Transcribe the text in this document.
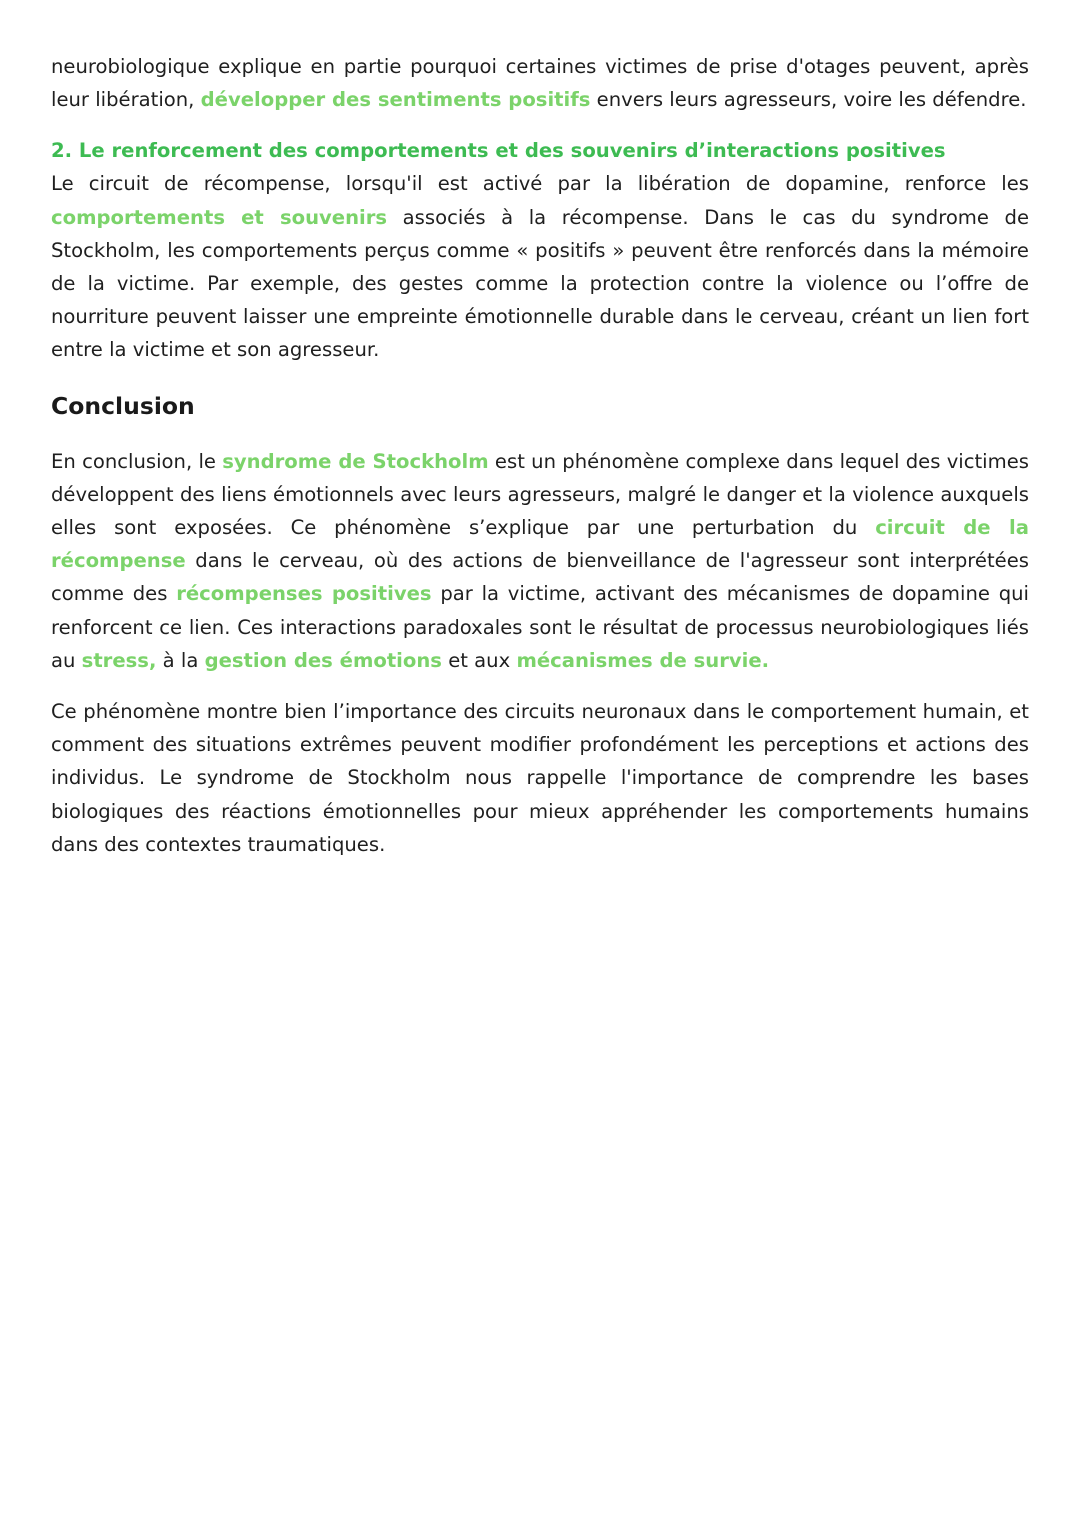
neurobiologique explique en partie pourquoi certaines victimes de prise d'otages peuvent, après leur libération, développer des sentiments positifs envers leurs agresseurs, voire les défendre.

2. Le renforcement des comportements et des souvenirs d’interactions positives

Le circuit de récompense, lorsqu'il est activé par la libération de dopamine, renforce les comportements et souvenirs associés à la récompense. Dans le cas du syndrome de Stockholm, les comportements perçus comme « positifs » peuvent être renforcés dans la mémoire de la victime. Par exemple, des gestes comme la protection contre la violence ou l’offre de nourriture peuvent laisser une empreinte émotionnelle durable dans le cerveau, créant un lien fort entre la victime et son agresseur.

Conclusion

En conclusion, le syndrome de Stockholm est un phénomène complexe dans lequel des victimes développent des liens émotionnels avec leurs agresseurs, malgré le danger et la violence auxquels elles sont exposées. Ce phénomène s’explique par une perturbation du circuit de la récompense dans le cerveau, où des actions de bienveillance de l'agresseur sont interprétées comme des récompenses positives par la victime, activant des mécanismes de dopamine qui renforcent ce lien. Ces interactions paradoxales sont le résultat de processus neurobiologiques liés au stress, à la gestion des émotions et aux mécanismes de survie.

Ce phénomène montre bien l’importance des circuits neuronaux dans le comportement humain, et comment des situations extrêmes peuvent modifier profondément les perceptions et actions des individus. Le syndrome de Stockholm nous rappelle l'importance de comprendre les bases biologiques des réactions émotionnelles pour mieux appréhender les comportements humains dans des contextes traumatiques.
